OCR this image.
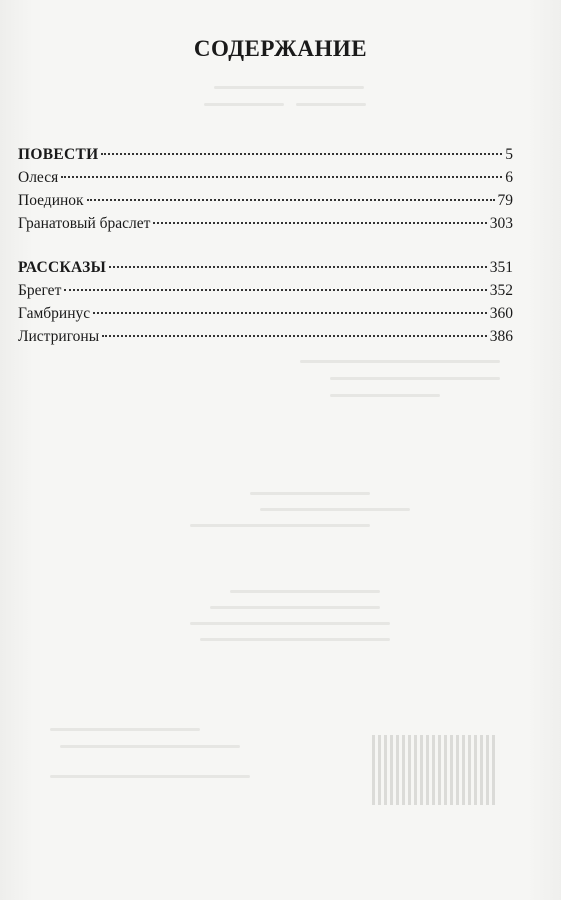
СОДЕРЖАНИЕ
ПОВЕСТИ	5
Олеся	6
Поединок	79
Гранатовый браслет	303
РАССКАЗЫ	351
Брегет	352
Гамбринус	360
Листригоны	386
